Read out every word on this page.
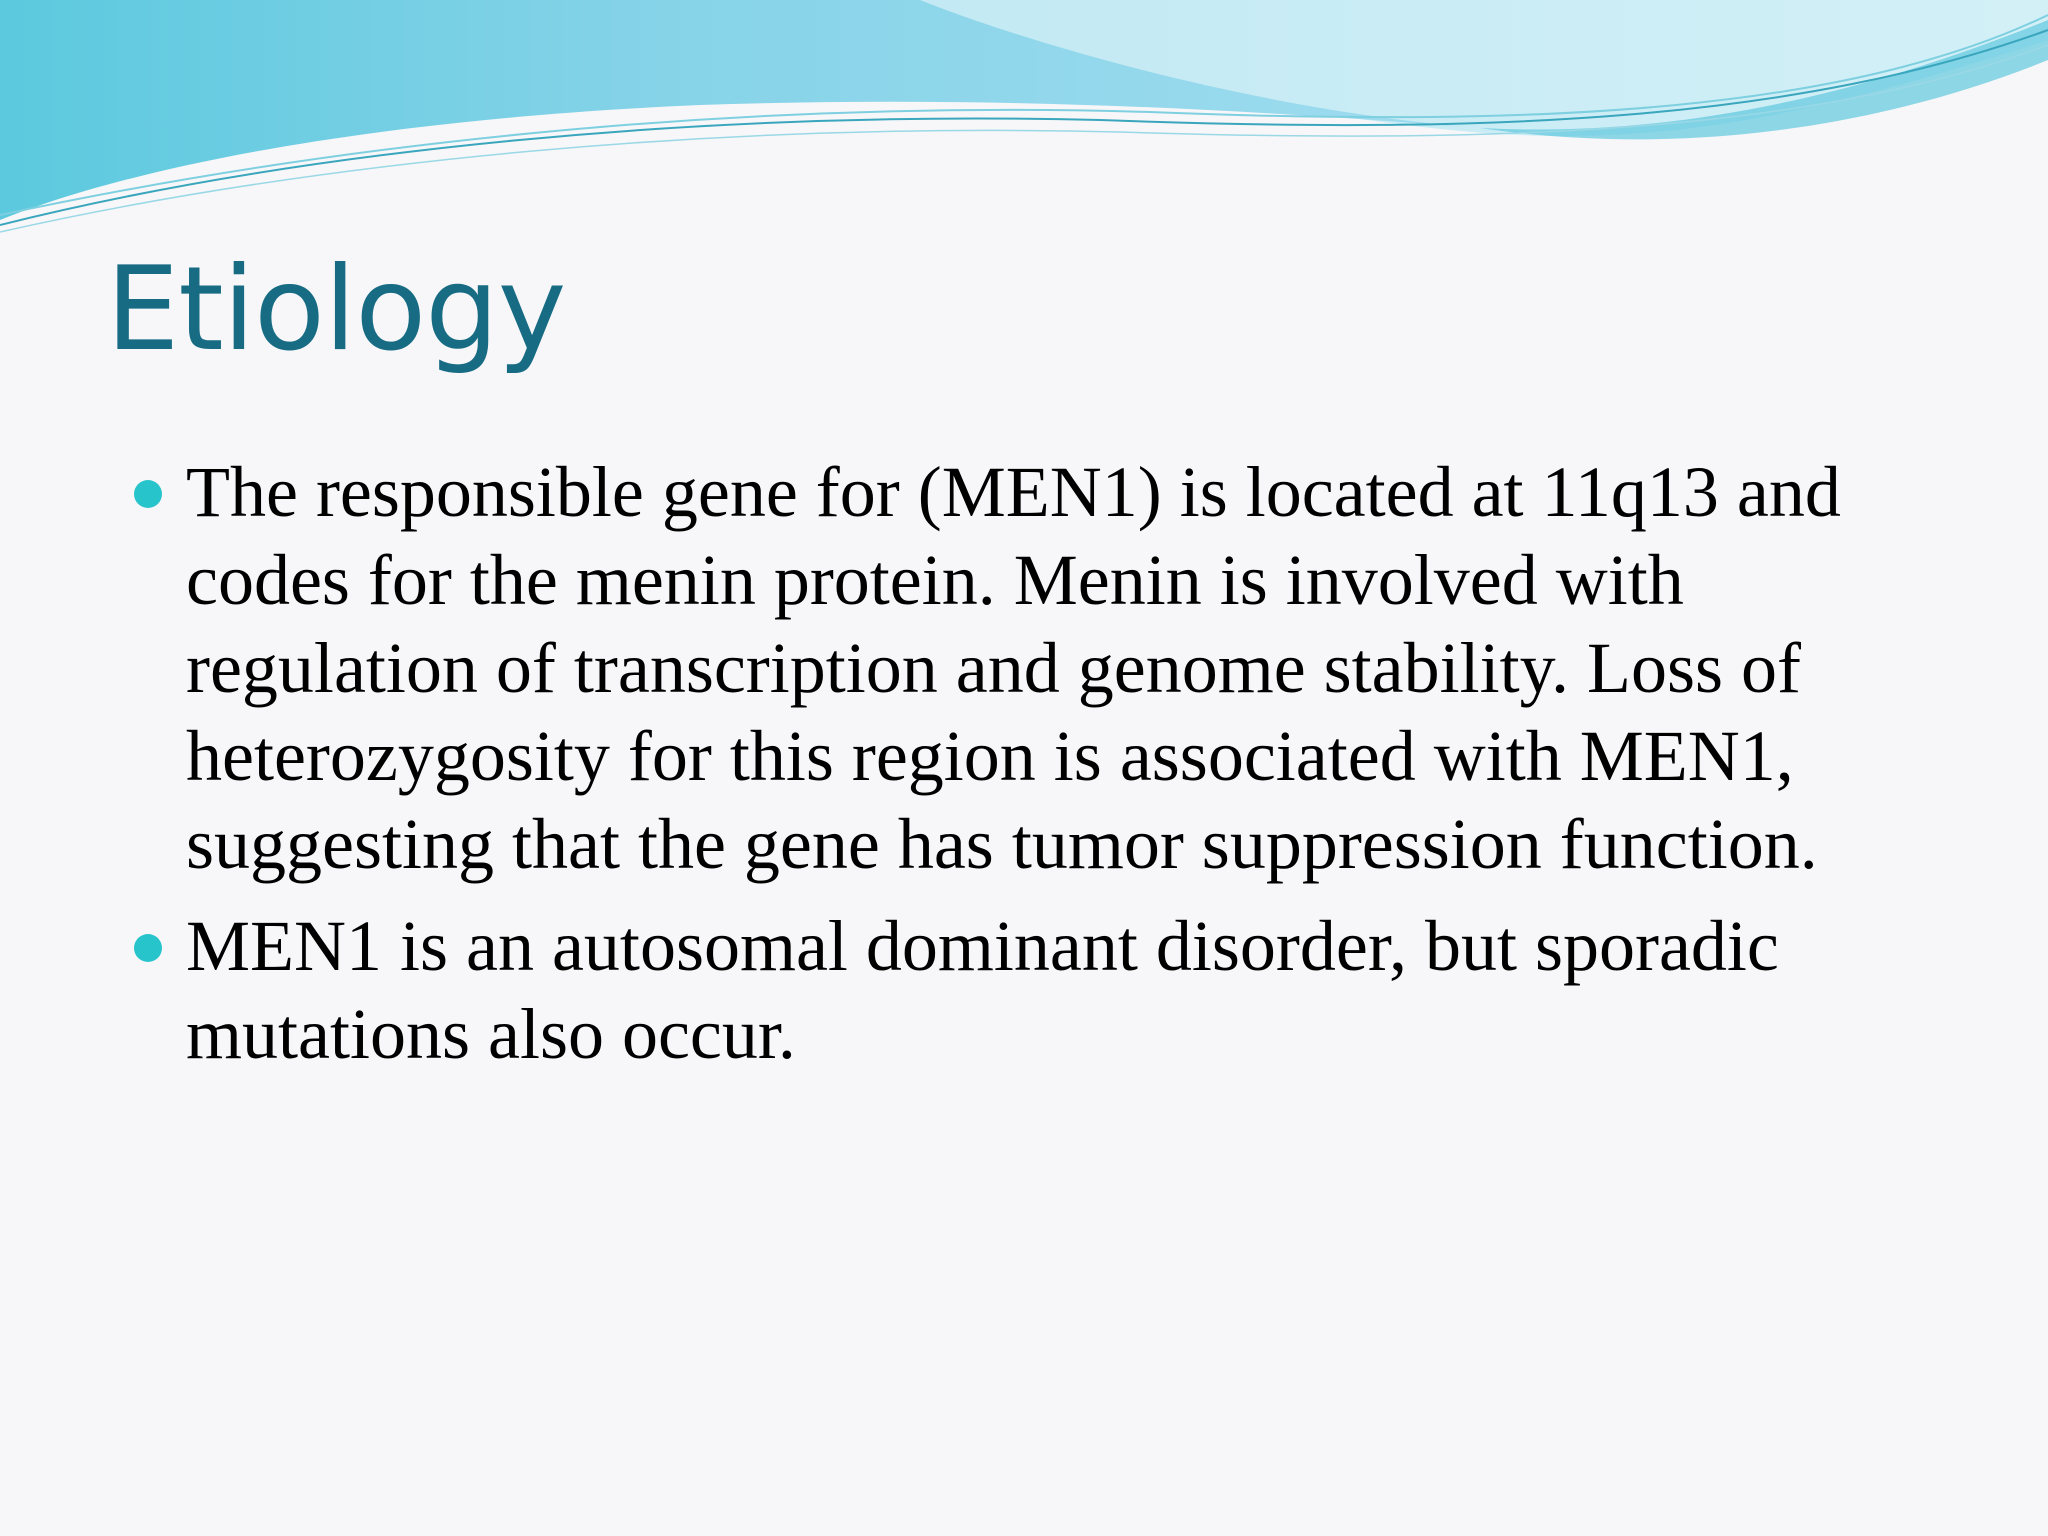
Etiology
The responsible gene for (MEN1) is located at 11q13 and codes for the menin protein. Menin is involved with regulation of transcription and genome stability. Loss of heterozygosity for this region is associated with MEN1, suggesting that the gene has tumor suppression function.
MEN1 is an autosomal dominant disorder, but sporadic mutations also occur.
